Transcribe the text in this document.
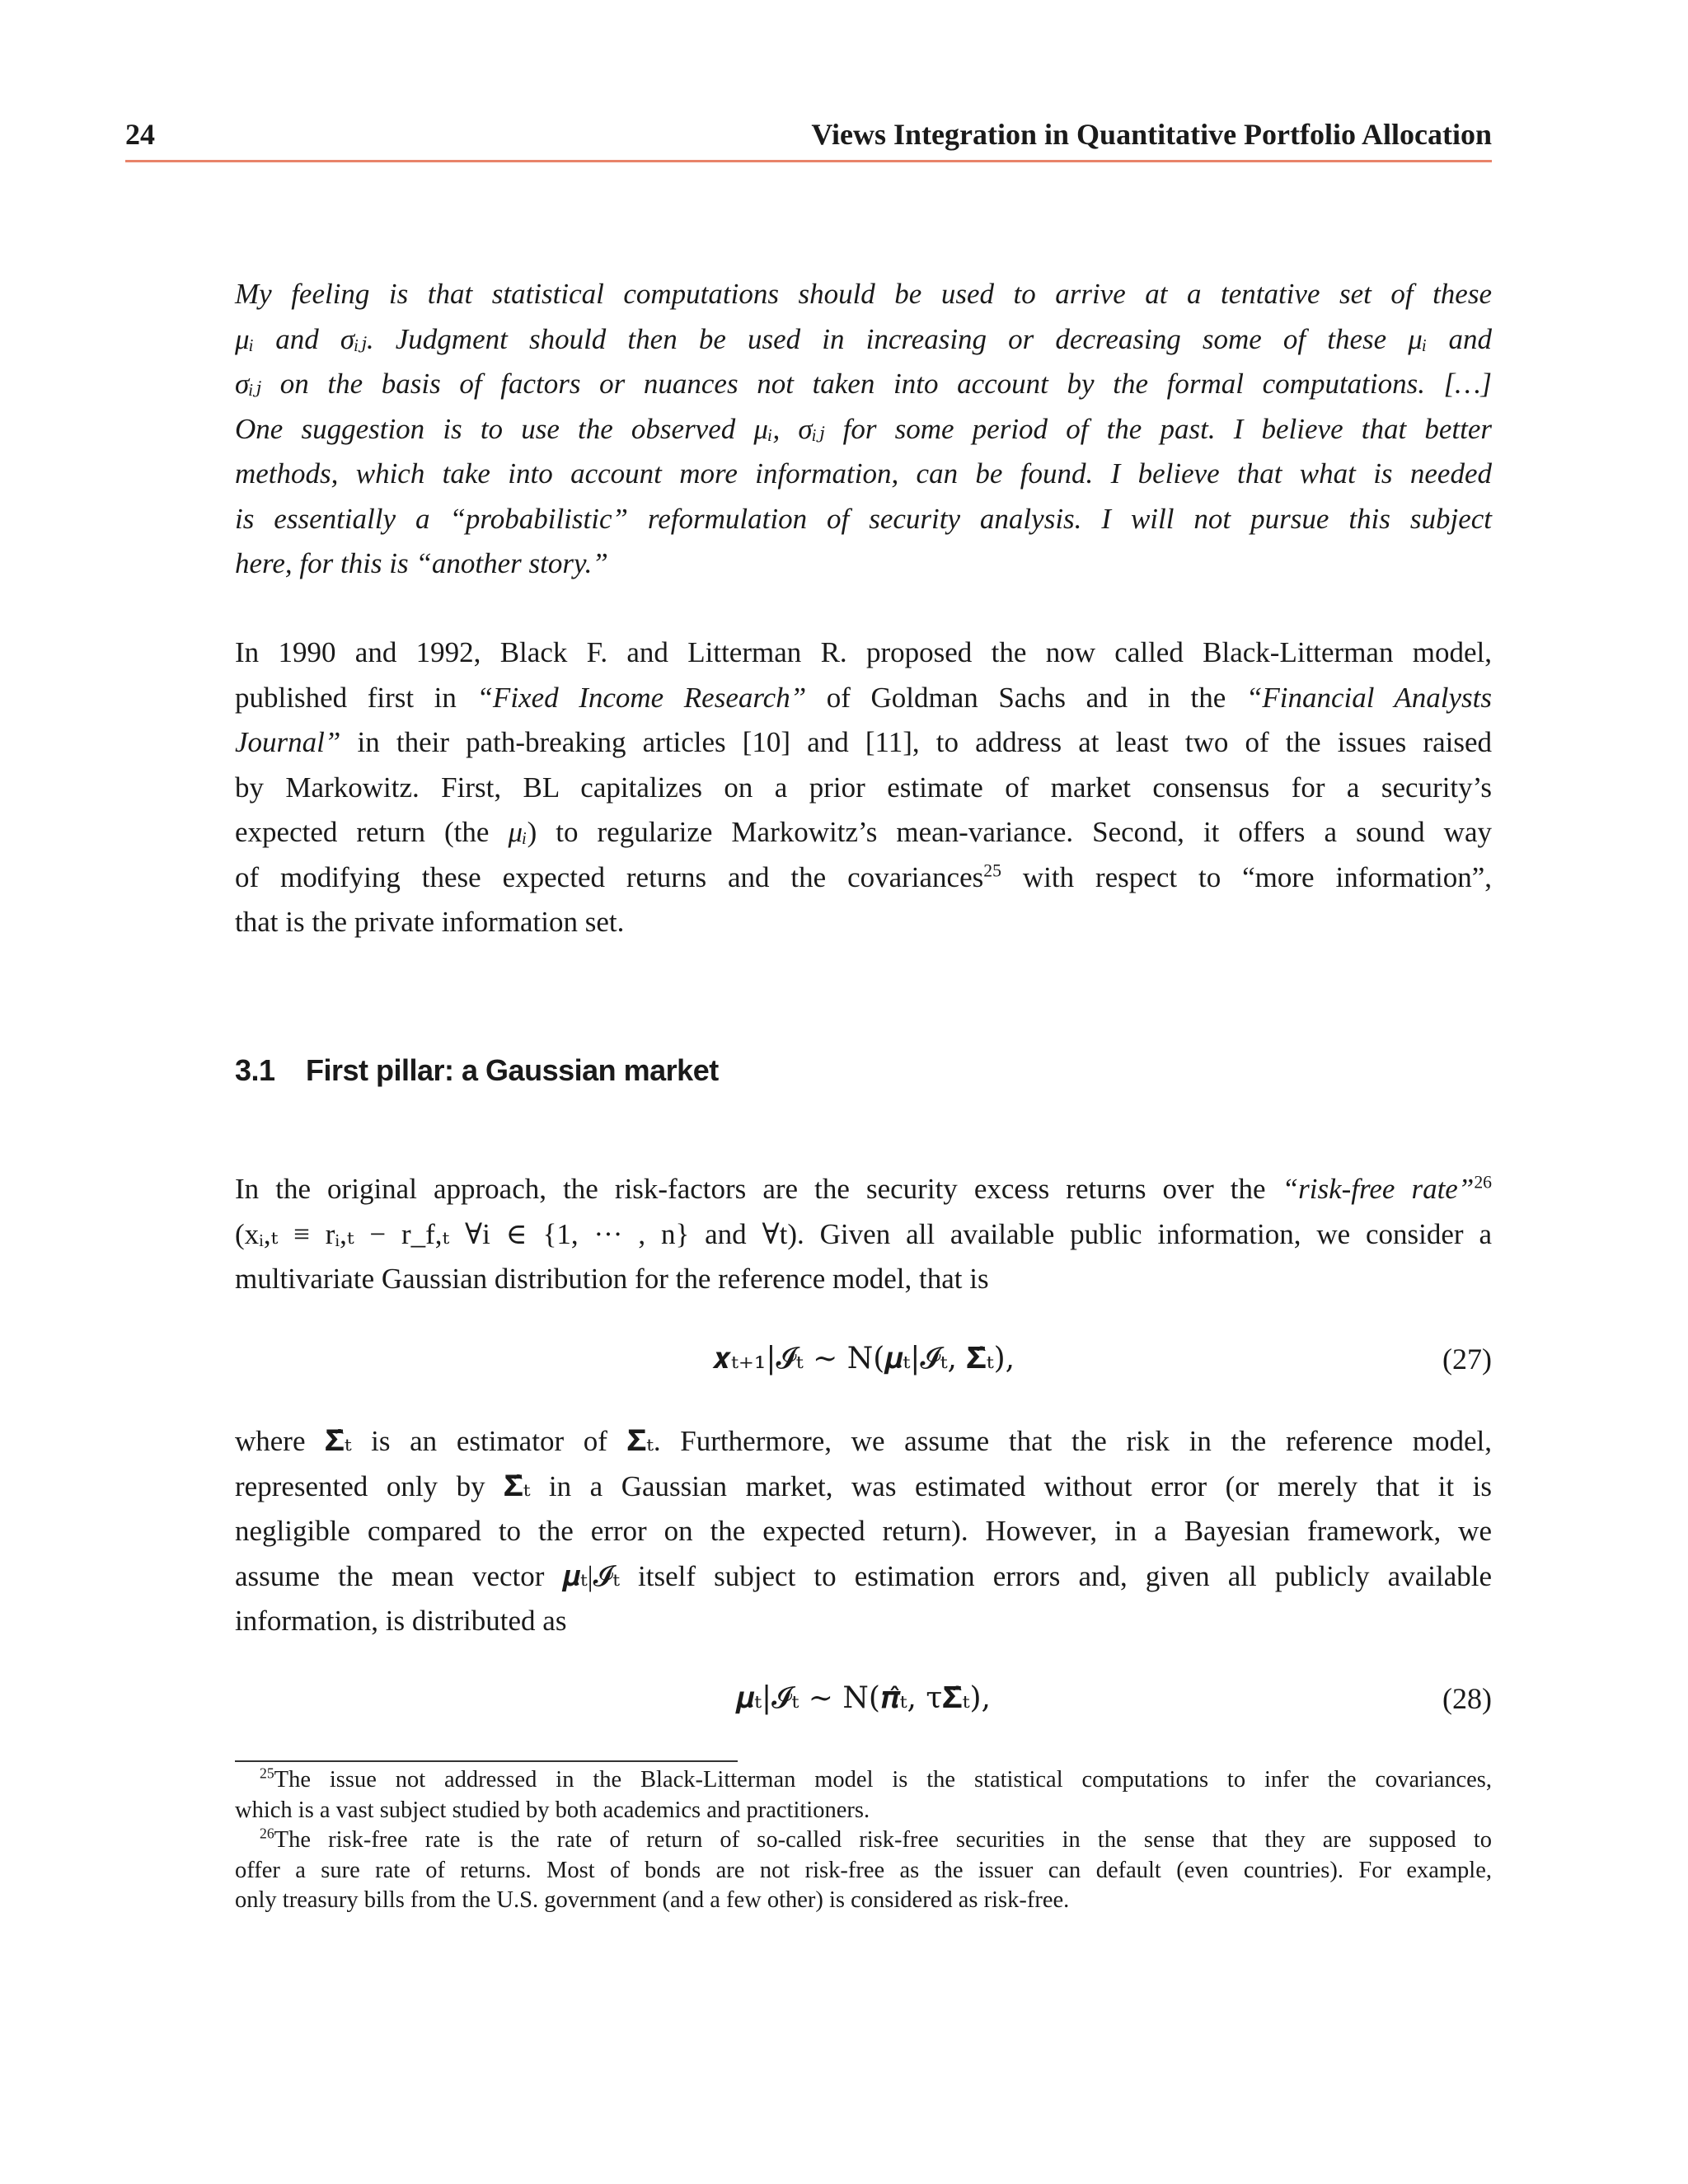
24	Views Integration in Quantitative Portfolio Allocation
My feeling is that statistical computations should be used to arrive at a tentative set of these
μᵢ and σᵢⱼ. Judgment should then be used in increasing or decreasing some of these μᵢ and
σᵢⱼ on the basis of factors or nuances not taken into account by the formal computations. […]
One suggestion is to use the observed μᵢ, σᵢⱼ for some period of the past. I believe that better
methods, which take into account more information, can be found. I believe that what is needed
is essentially a “probabilistic” reformulation of security analysis. I will not pursue this subject
here, for this is “another story.”
In 1990 and 1992, Black F. and Litterman R. proposed the now called Black-Litterman model,
published first in “Fixed Income Research” of Goldman Sachs and in the “Financial Analysts
Journal” in their path-breaking articles [10] and [11], to address at least two of the issues raised
by Markowitz. First, BL capitalizes on a prior estimate of market consensus for a security’s
expected return (the μᵢ) to regularize Markowitz’s mean-variance. Second, it offers a sound way
of modifying these expected returns and the covariances$^{25}$ with respect to “more information”,
that is the private information set.
3.1 First pillar: a Gaussian market
In the original approach, the risk-factors are the security excess returns over the “risk-free rate”$^{26}$
(xᵢ,ₜ ≡ rᵢ,ₜ − r_f,ₜ ∀i ∈ {1, ··· , n} and ∀t). Given all available public information, we consider a
multivariate Gaussian distribution for the reference model, that is
𝒙ₜ₊₁|𝓘ₜ ∼ N(𝝁ₜ|𝓘ₜ, 𝚺̂ₜ),	(27)
where 𝚺̂ₜ is an estimator of 𝚺ₜ. Furthermore, we assume that the risk in the reference model,
represented only by 𝚺̂ₜ in a Gaussian market, was estimated without error (or merely that it is
negligible compared to the error on the expected return). However, in a Bayesian framework, we
assume the mean vector 𝝁ₜ|𝓘ₜ itself subject to estimation errors and, given all publicly available
information, is distributed as
𝝁ₜ|𝓘ₜ ∼ N(𝝅̂ₜ, τ𝚺̂ₜ),	(28)
$^{25}$The issue not addressed in the Black-Litterman model is the statistical computations to infer the covariances,
which is a vast subject studied by both academics and practitioners.
$^{26}$The risk-free rate is the rate of return of so-called risk-free securities in the sense that they are supposed to
offer a sure rate of returns. Most of bonds are not risk-free as the issuer can default (even countries). For example,
only treasury bills from the U.S. government (and a few other) is considered as risk-free.
